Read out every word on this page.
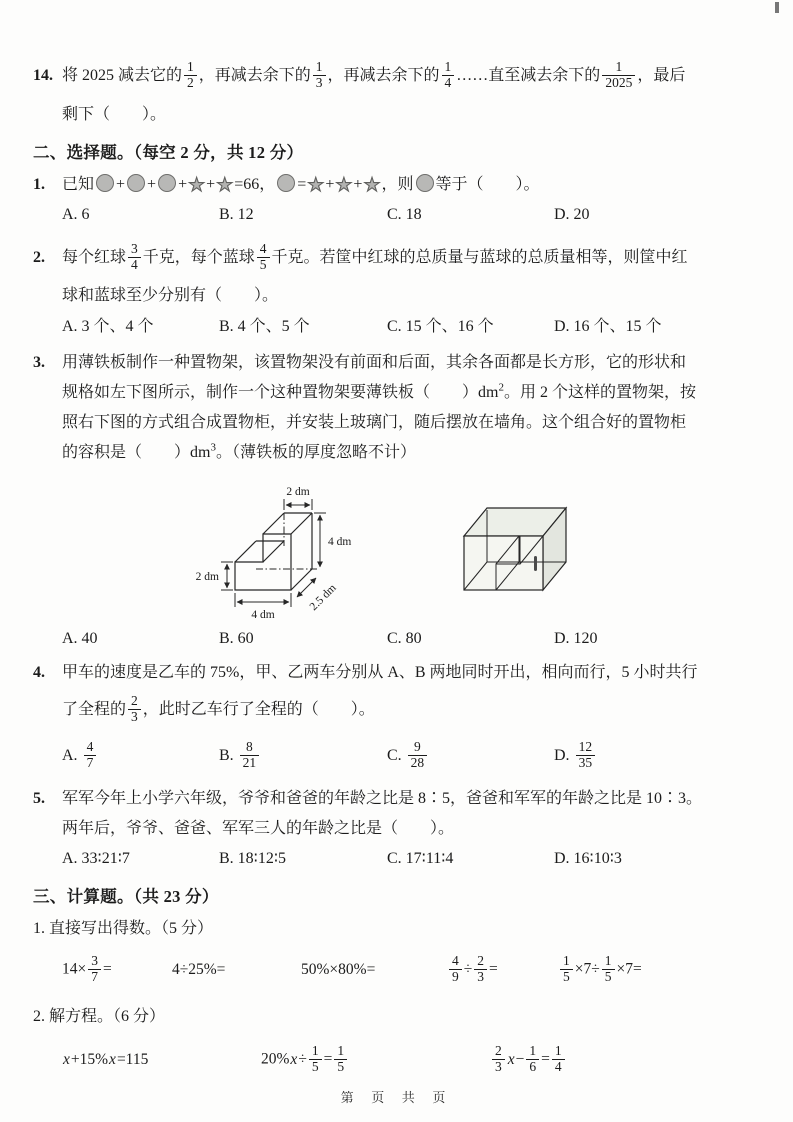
14. 将 2025 减去它的 $\frac{1}{2}$ ，再减去余下的 $\frac{1}{3}$ ，再减去余下的 $\frac{1}{4}$ ……直至减去余下的 $\frac{1}{2025}$ ，最后
剩下（　　）。
二、选择题。（每空 2 分，共 12 分）
1.	已知 + + +★+★=66， =★+★+★，则 等于（　　）。
A. 6	B. 12	C. 18	D. 20
2.	每个红球 $\frac{3}{4}$ 千克，每个蓝球 $\frac{4}{5}$ 千克。若筐中红球的总质量与蓝球的总质量相等，则筐中红
球和蓝球至少分别有（　　）。
A. 3 个、4 个	B. 4 个、5 个	C. 15 个、16 个	D. 16 个、15 个
3.	用薄铁板制作一种置物架，该置物架没有前面和后面，其余各面都是长方形，它的形状和
规格如左下图所示，制作一个这种置物架要薄铁板（　　）$dm^2$。用 2 个这样的置物架，按
照右下图的方式组合成置物柜，并安装上玻璃门，随后摆放在墙角。这个组合好的置物柜
的容积是（　　）$dm^3$。（薄铁板的厚度忽略不计）
2 dm
4 dm
2 dm
4 dm
2.5 dm
A. 40	B. 60	C. 80	D. 120
4.	甲车的速度是乙车的 75%，甲、乙两车分别从 A、B 两地同时开出，相向而行，5 小时共行
了全程的 $\frac{2}{3}$ ，此时乙车行了全程的（　　）。
A. $\frac{4}{7}$	B. $\frac{8}{21}$	C. $\frac{9}{28}$	D. $\frac{12}{35}$
5.	军军今年上小学六年级，爷爷和爸爸的年龄之比是 8∶5，爸爸和军军的年龄之比是 10∶3。
两年后，爷爷、爸爸、军军三人的年龄之比是（　　）。
A. 33∶21∶7	B. 18∶12∶5	C. 17∶11∶4	D. 16∶10∶3
三、计算题。（共 23 分）
1. 直接写出得数。（5 分）
$14\times \frac{3}{7}$ =	4÷25%=	50%×80%=	$\frac{4}{9} \div \frac{2}{3}$ =	$\frac{1}{5} \times 7\div \frac{1}{5} \times 7=$
2. 解方程。（6 分）
x+15%x=115	$20\%x\div \frac{1}{5} = \frac{1}{5}$	$\frac{2}{3} x- \frac{1}{6} = \frac{1}{4}$
第 页 共 页
